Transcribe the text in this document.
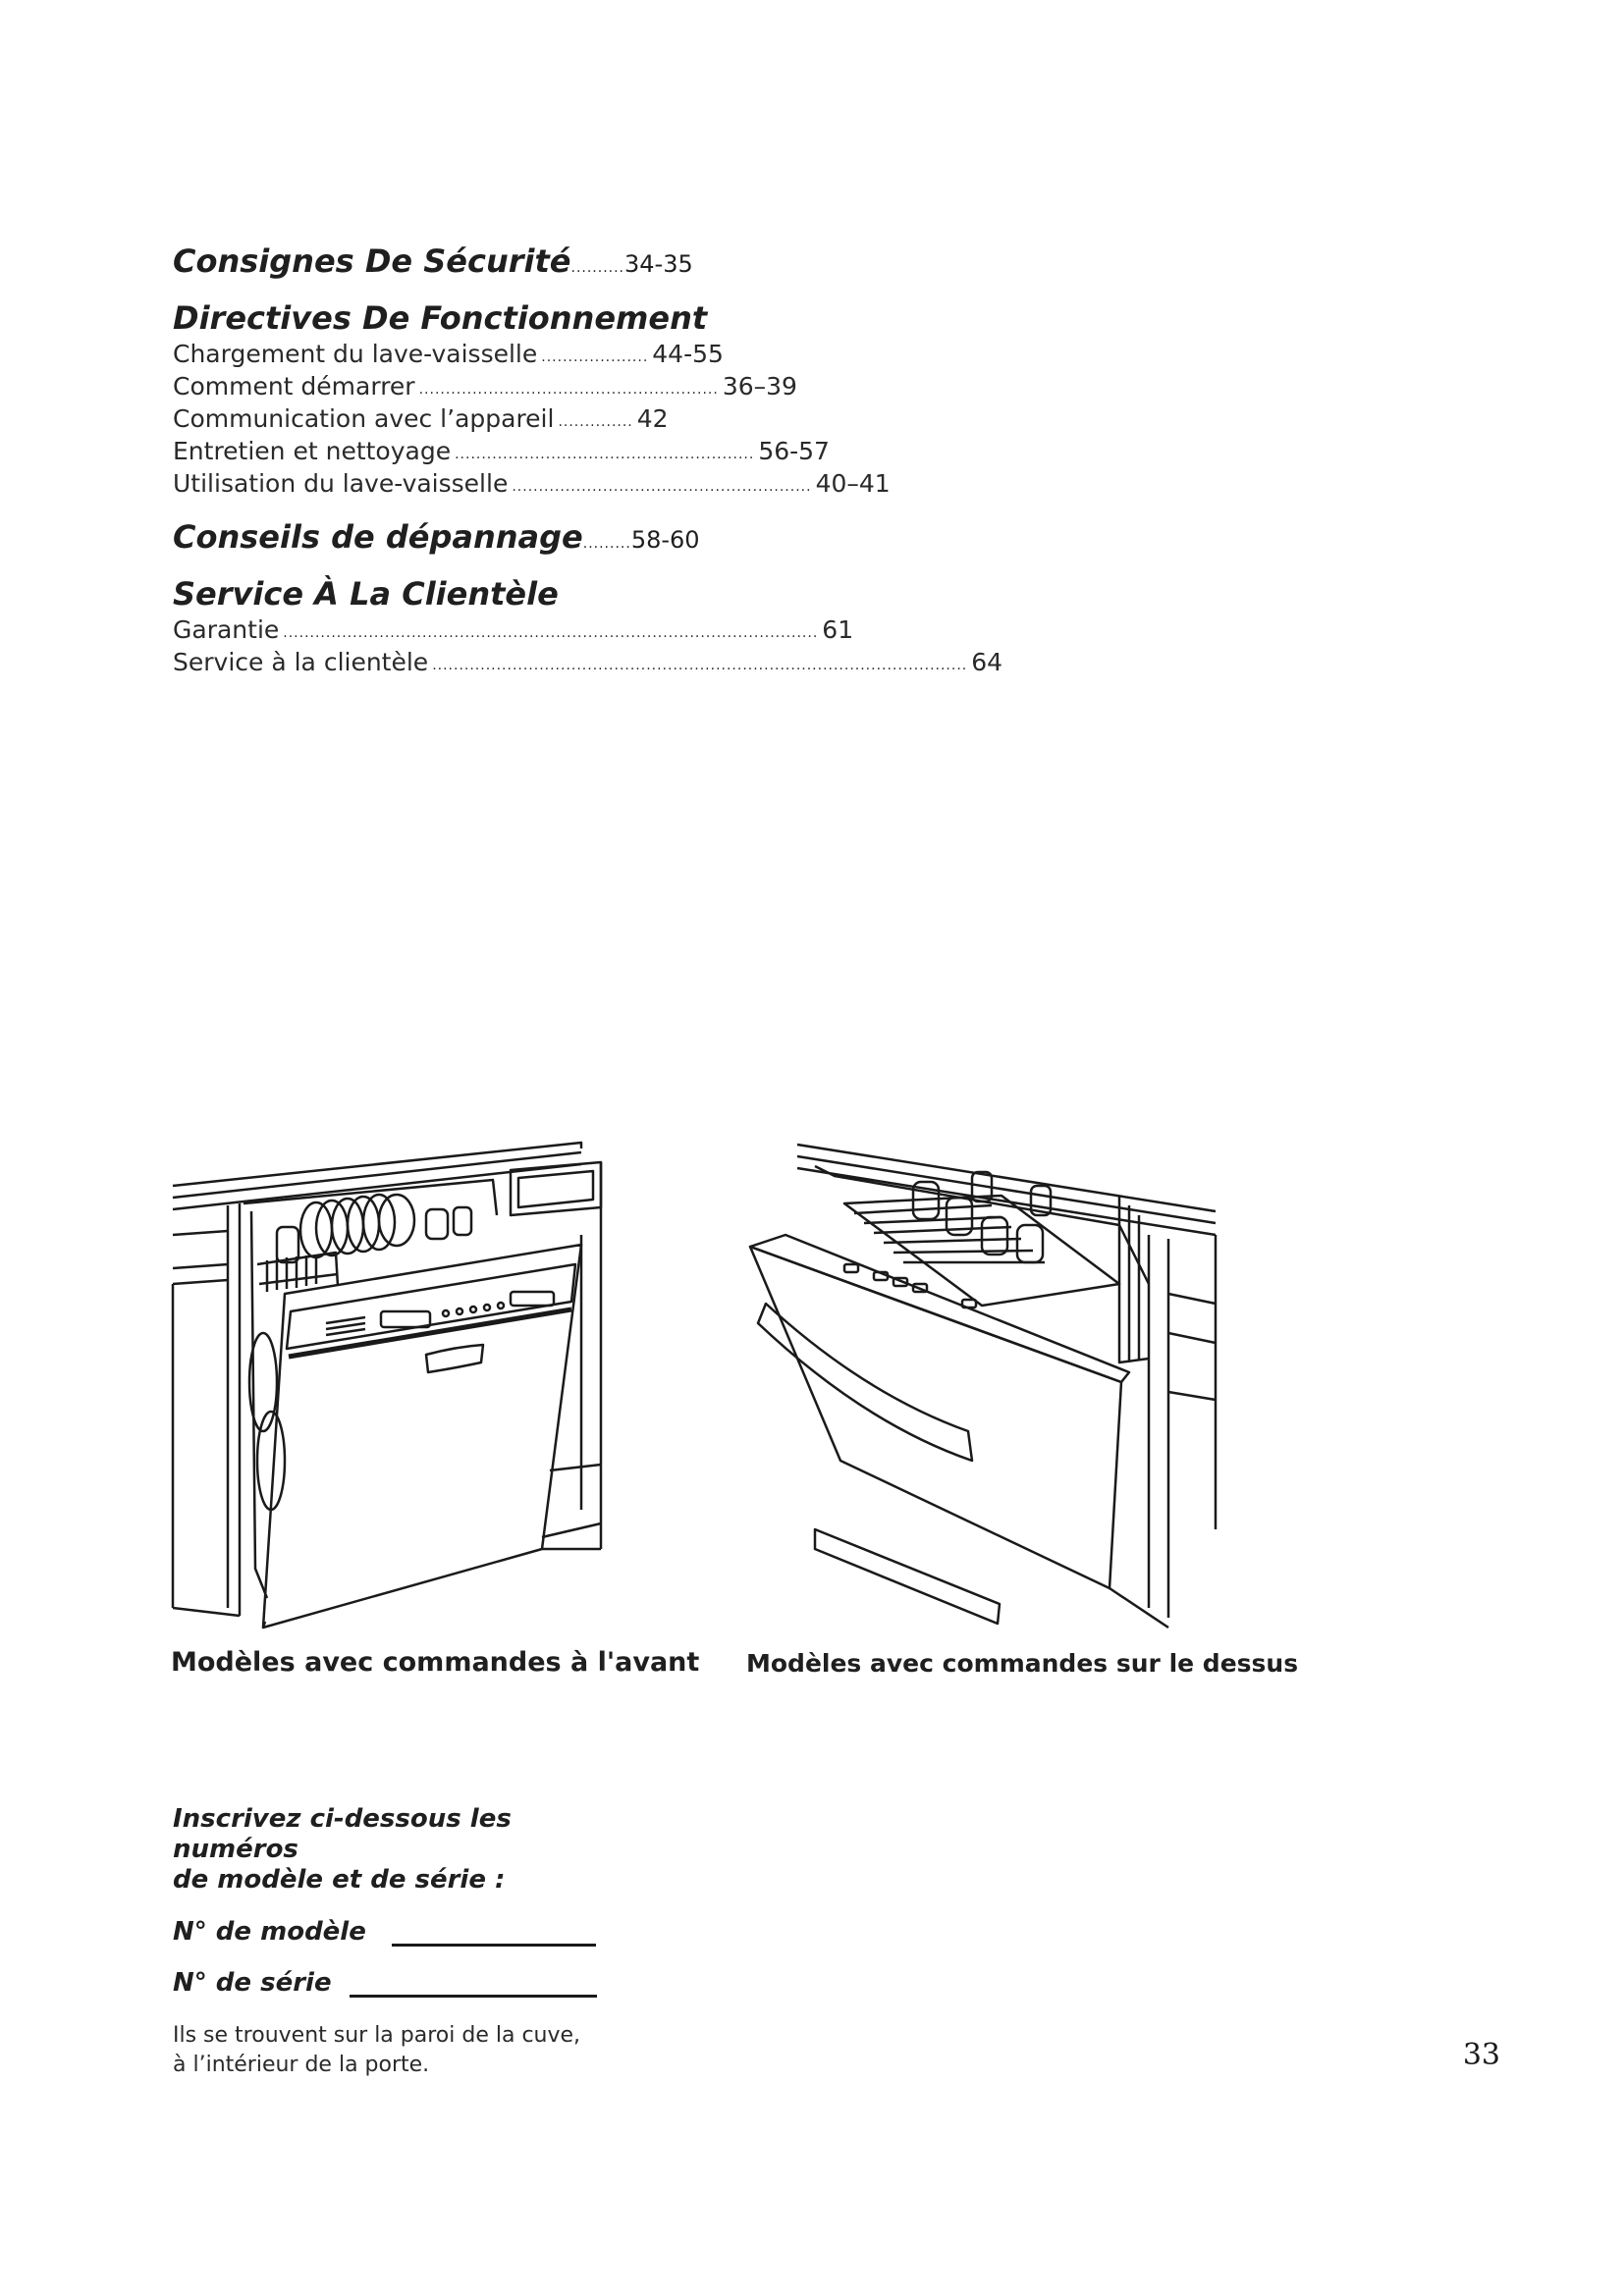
Consignes De Sécurité..........34-35
Directives De Fonctionnement
Chargement du lave-vaisselle .................... 44-55
Comment démarrer ........................................................ 36–39
Communication avec l’appareil .............. 42
Entretien et nettoyage ........................................................ 56-57
Utilisation du lave-vaisselle ........................................................ 40–41
Conseils de dépannage.........58-60
Service À La Clientèle
Garantie .................................................................................................... 61
Service à la clientèle .................................................................................................... 64
Modèles avec commandes à l'avant Modèles avec commandes sur le dessus

Inscrivez ci-dessous les numéros

de modèle et de série :

N° de modèle
N° de série
Ils se trouvent sur la paroi de la cuve,
à l’intérieur de la porte.	33
